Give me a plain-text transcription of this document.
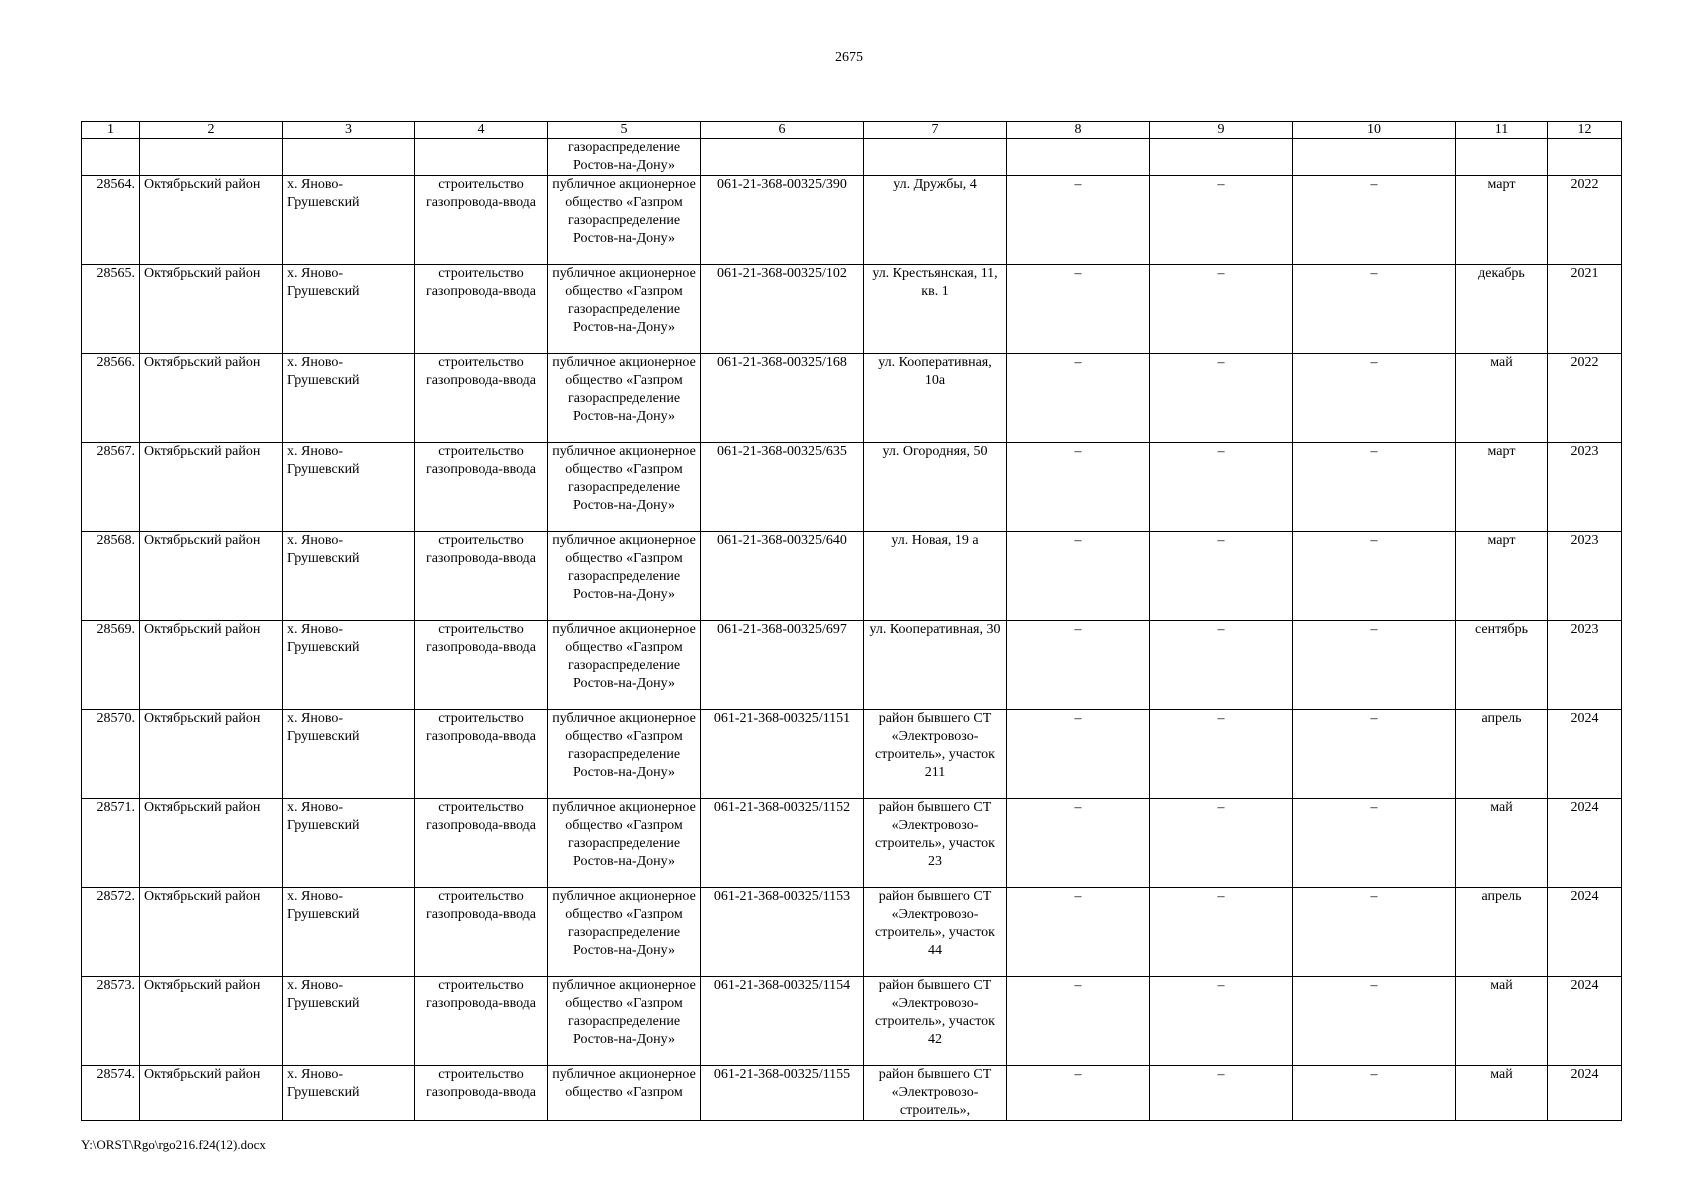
2675
1	2	3	4	5	6	7	8	9	10	11	12
				газораспределение Ростов-на-Дону»							
28564.	Октябрьский район	х. Яново-Грушевский	строительство газопровода-ввода	публичное акционерное общество «Газпром газораспределение Ростов-на-Дону»	061-21-368-00325/390	ул. Дружбы, 4	–	–	–	март	2022
28565.	Октябрьский район	х. Яново-Грушевский	строительство газопровода-ввода	публичное акционерное общество «Газпром газораспределение Ростов-на-Дону»	061-21-368-00325/102	ул. Крестьянская, 11, кв. 1	–	–	–	декабрь	2021
28566.	Октябрьский район	х. Яново-Грушевский	строительство газопровода-ввода	публичное акционерное общество «Газпром газораспределение Ростов-на-Дону»	061-21-368-00325/168	ул. Кооперативная, 10а	–	–	–	май	2022
28567.	Октябрьский район	х. Яново-Грушевский	строительство газопровода-ввода	публичное акционерное общество «Газпром газораспределение Ростов-на-Дону»	061-21-368-00325/635	ул. Огородняя, 50	–	–	–	март	2023
28568.	Октябрьский район	х. Яново-Грушевский	строительство газопровода-ввода	публичное акционерное общество «Газпром газораспределение Ростов-на-Дону»	061-21-368-00325/640	ул. Новая, 19 а	–	–	–	март	2023
28569.	Октябрьский район	х. Яново-Грушевский	строительство газопровода-ввода	публичное акционерное общество «Газпром газораспределение Ростов-на-Дону»	061-21-368-00325/697	ул. Кооперативная, 30	–	–	–	сентябрь	2023
28570.	Октябрьский район	х. Яново-Грушевский	строительство газопровода-ввода	публичное акционерное общество «Газпром газораспределение Ростов-на-Дону»	061-21-368-00325/1151	район бывшего СТ «Электровозо-строитель», участок 211	–	–	–	апрель	2024
28571.	Октябрьский район	х. Яново-Грушевский	строительство газопровода-ввода	публичное акционерное общество «Газпром газораспределение Ростов-на-Дону»	061-21-368-00325/1152	район бывшего СТ «Электровозо-строитель», участок 23	–	–	–	май	2024
28572.	Октябрьский район	х. Яново-Грушевский	строительство газопровода-ввода	публичное акционерное общество «Газпром газораспределение Ростов-на-Дону»	061-21-368-00325/1153	район бывшего СТ «Электровозо-строитель», участок 44	–	–	–	апрель	2024
28573.	Октябрьский район	х. Яново-Грушевский	строительство газопровода-ввода	публичное акционерное общество «Газпром газораспределение Ростов-на-Дону»	061-21-368-00325/1154	район бывшего СТ «Электровозо-строитель», участок 42	–	–	–	май	2024
28574.	Октябрьский район	х. Яново-Грушевский	строительство газопровода-ввода	публичное акционерное общество «Газпром	061-21-368-00325/1155	район бывшего СТ «Электровозо-строитель»,	–	–	–	май	2024
Y:\ORST\Rgo\rgo216.f24(12).docx
